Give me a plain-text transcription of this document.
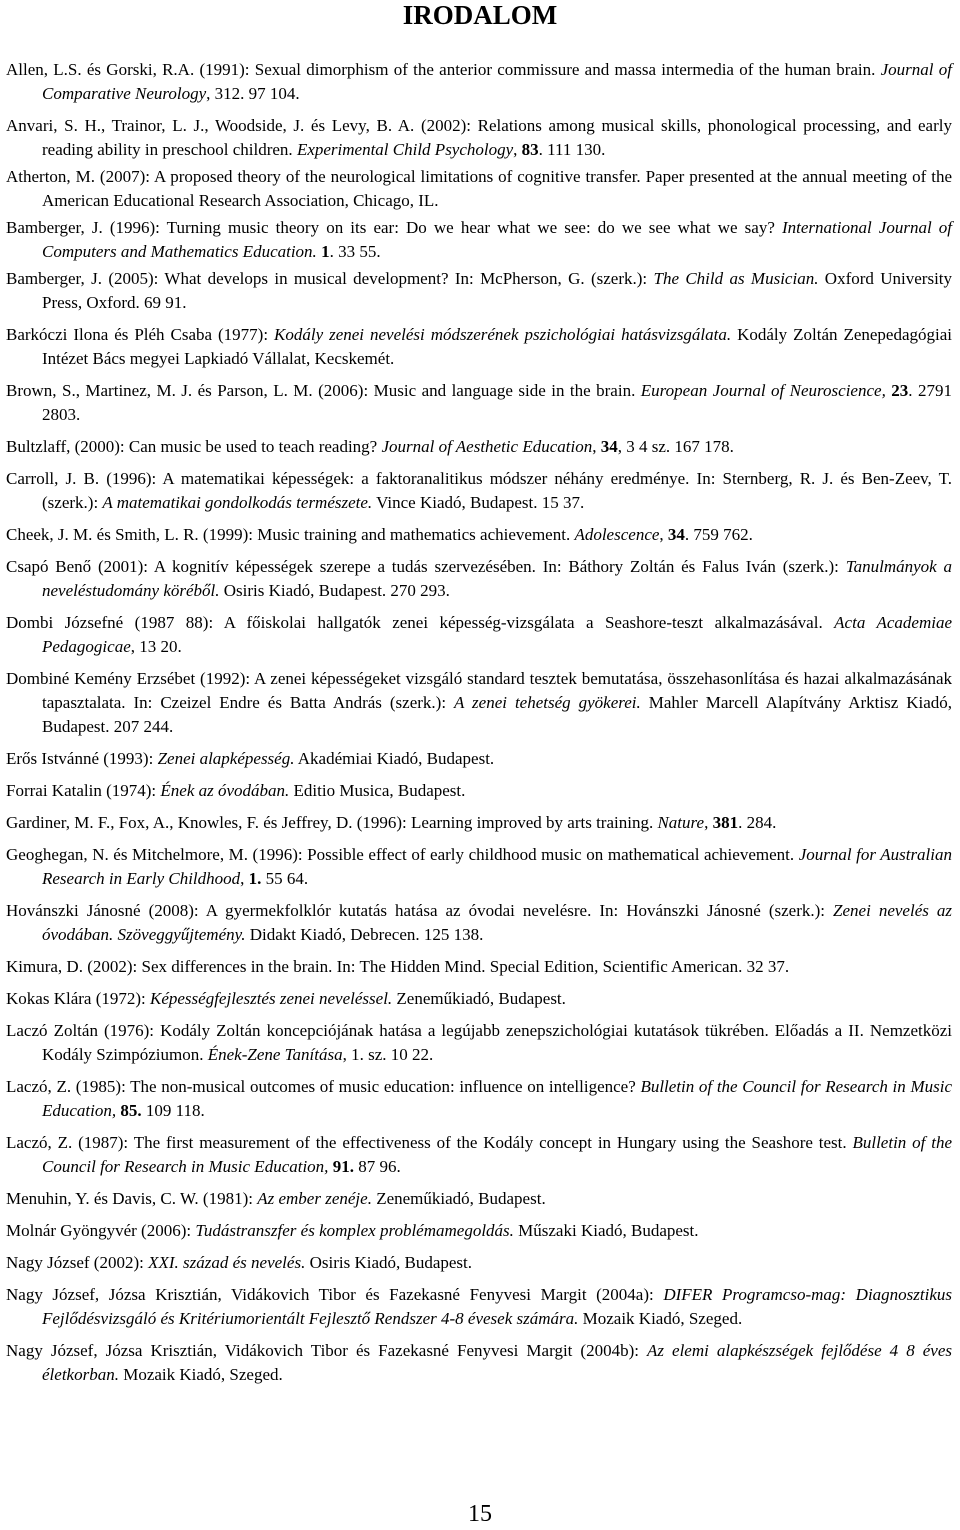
IRODALOM

Allen, L.S. és Gorski, R.A. (1991): Sexual dimorphism of the anterior commissure and massa intermedia of the human brain. Journal of Comparative Neurology, 312. 97 104.

Anvari, S. H., Trainor, L. J., Woodside, J. és Levy, B. A. (2002): Relations among musical skills, phonological processing, and early reading ability in preschool children. Experimental Child Psychology, 83. 111 130.

Atherton, M. (2007): A proposed theory of the neurological limitations of cognitive transfer. Paper presented at the annual meeting of the American Educational Research Association, Chicago, IL.

Bamberger, J. (1996): Turning music theory on its ear: Do we hear what we see: do we see what we say? International Journal of Computers and Mathematics Education. 1. 33 55.

Bamberger, J. (2005): What develops in musical development? In: McPherson, G. (szerk.): The Child as Musician. Oxford University Press, Oxford. 69 91.

Barkóczi Ilona és Pléh Csaba (1977): Kodály zenei nevelési módszerének pszichológiai hatásvizsgálata. Kodály Zoltán Zenepedagógiai Intézet Bács megyei Lapkiadó Vállalat, Kecskemét.

Brown, S., Martinez, M. J. és Parson, L. M. (2006): Music and language side in the brain. European Journal of Neuroscience, 23. 2791 2803.

Bultzlaff, (2000): Can music be used to teach reading? Journal of Aesthetic Education, 34, 3 4 sz. 167 178.

Carroll, J. B. (1996): A matematikai képességek: a faktoranalitikus módszer néhány eredménye. In: Sternberg, R. J. és Ben-Zeev, T. (szerk.): A matematikai gondolkodás természete. Vince Kiadó, Budapest. 15 37.

Cheek, J. M. és Smith, L. R. (1999): Music training and mathematics achievement. Adolescence, 34. 759 762.

Csapó Benő (2001): A kognitív képességek szerepe a tudás szervezésében. In: Báthory Zoltán és Falus Iván (szerk.): Tanulmányok a neveléstudomány köréből. Osiris Kiadó, Budapest. 270 293.

Dombi Józsefné (1987 88): A főiskolai hallgatók zenei képesség-vizsgálata a Seashore-teszt alkalmazásával. Acta Academiae Pedagogicae, 13 20.

Dombiné Kemény Erzsébet (1992): A zenei képességeket vizsgáló standard tesztek bemutatása, összehasonlítása és hazai alkalmazásának tapasztalata. In: Czeizel Endre és Batta András (szerk.): A zenei tehetség gyökerei. Mahler Marcell Alapítvány Arktisz Kiadó, Budapest. 207 244.

Erős Istvánné (1993): Zenei alapképesség. Akadémiai Kiadó, Budapest.

Forrai Katalin (1974): Ének az óvodában. Editio Musica, Budapest.

Gardiner, M. F., Fox, A., Knowles, F. és Jeffrey, D. (1996): Learning improved by arts training. Nature, 381. 284.

Geoghegan, N. és Mitchelmore, M. (1996): Possible effect of early childhood music on mathematical achievement. Journal for Australian Research in Early Childhood, 1. 55 64.

Hovánszki Jánosné (2008): A gyermekfolklór kutatás hatása az óvodai nevelésre. In: Hovánszki Jánosné (szerk.): Zenei nevelés az óvodában. Szöveggyűjtemény. Didakt Kiadó, Debrecen. 125 138.

Kimura, D. (2002): Sex differences in the brain. In: The Hidden Mind. Special Edition, Scientific American. 32 37.

Kokas Klára (1972): Képességfejlesztés zenei neveléssel. Zeneműkiadó, Budapest.

Laczó Zoltán (1976): Kodály Zoltán koncepciójának hatása a legújabb zenepszichológiai kutatások tükrében. Előadás a II. Nemzetközi Kodály Szimpóziumon. Ének-Zene Tanítása, 1. sz. 10 22.

Laczó, Z. (1985): The non-musical outcomes of music education: influence on intelligence? Bulletin of the Council for Research in Music Education, 85. 109 118.

Laczó, Z. (1987): The first measurement of the effectiveness of the Kodály concept in Hungary using the Seashore test. Bulletin of the Council for Research in Music Education, 91. 87 96.

Menuhin, Y. és Davis, C. W. (1981): Az ember zenéje. Zeneműkiadó, Budapest.

Molnár Gyöngyvér (2006): Tudástranszfer és komplex problémamegoldás. Műszaki Kiadó, Budapest.

Nagy József (2002): XXI. század és nevelés. Osiris Kiadó, Budapest.

Nagy József, Józsa Krisztián, Vidákovich Tibor és Fazekasné Fenyvesi Margit (2004a): DIFER Programcso-mag: Diagnosztikus Fejlődésvizsgáló és Kritériumorientált Fejlesztő Rendszer 4-8 évesek számára. Mozaik Kiadó, Szeged.

Nagy József, Józsa Krisztián, Vidákovich Tibor és Fazekasné Fenyvesi Margit (2004b): Az elemi alapkészségek fejlődése 4 8 éves életkorban. Mozaik Kiadó, Szeged.

15
